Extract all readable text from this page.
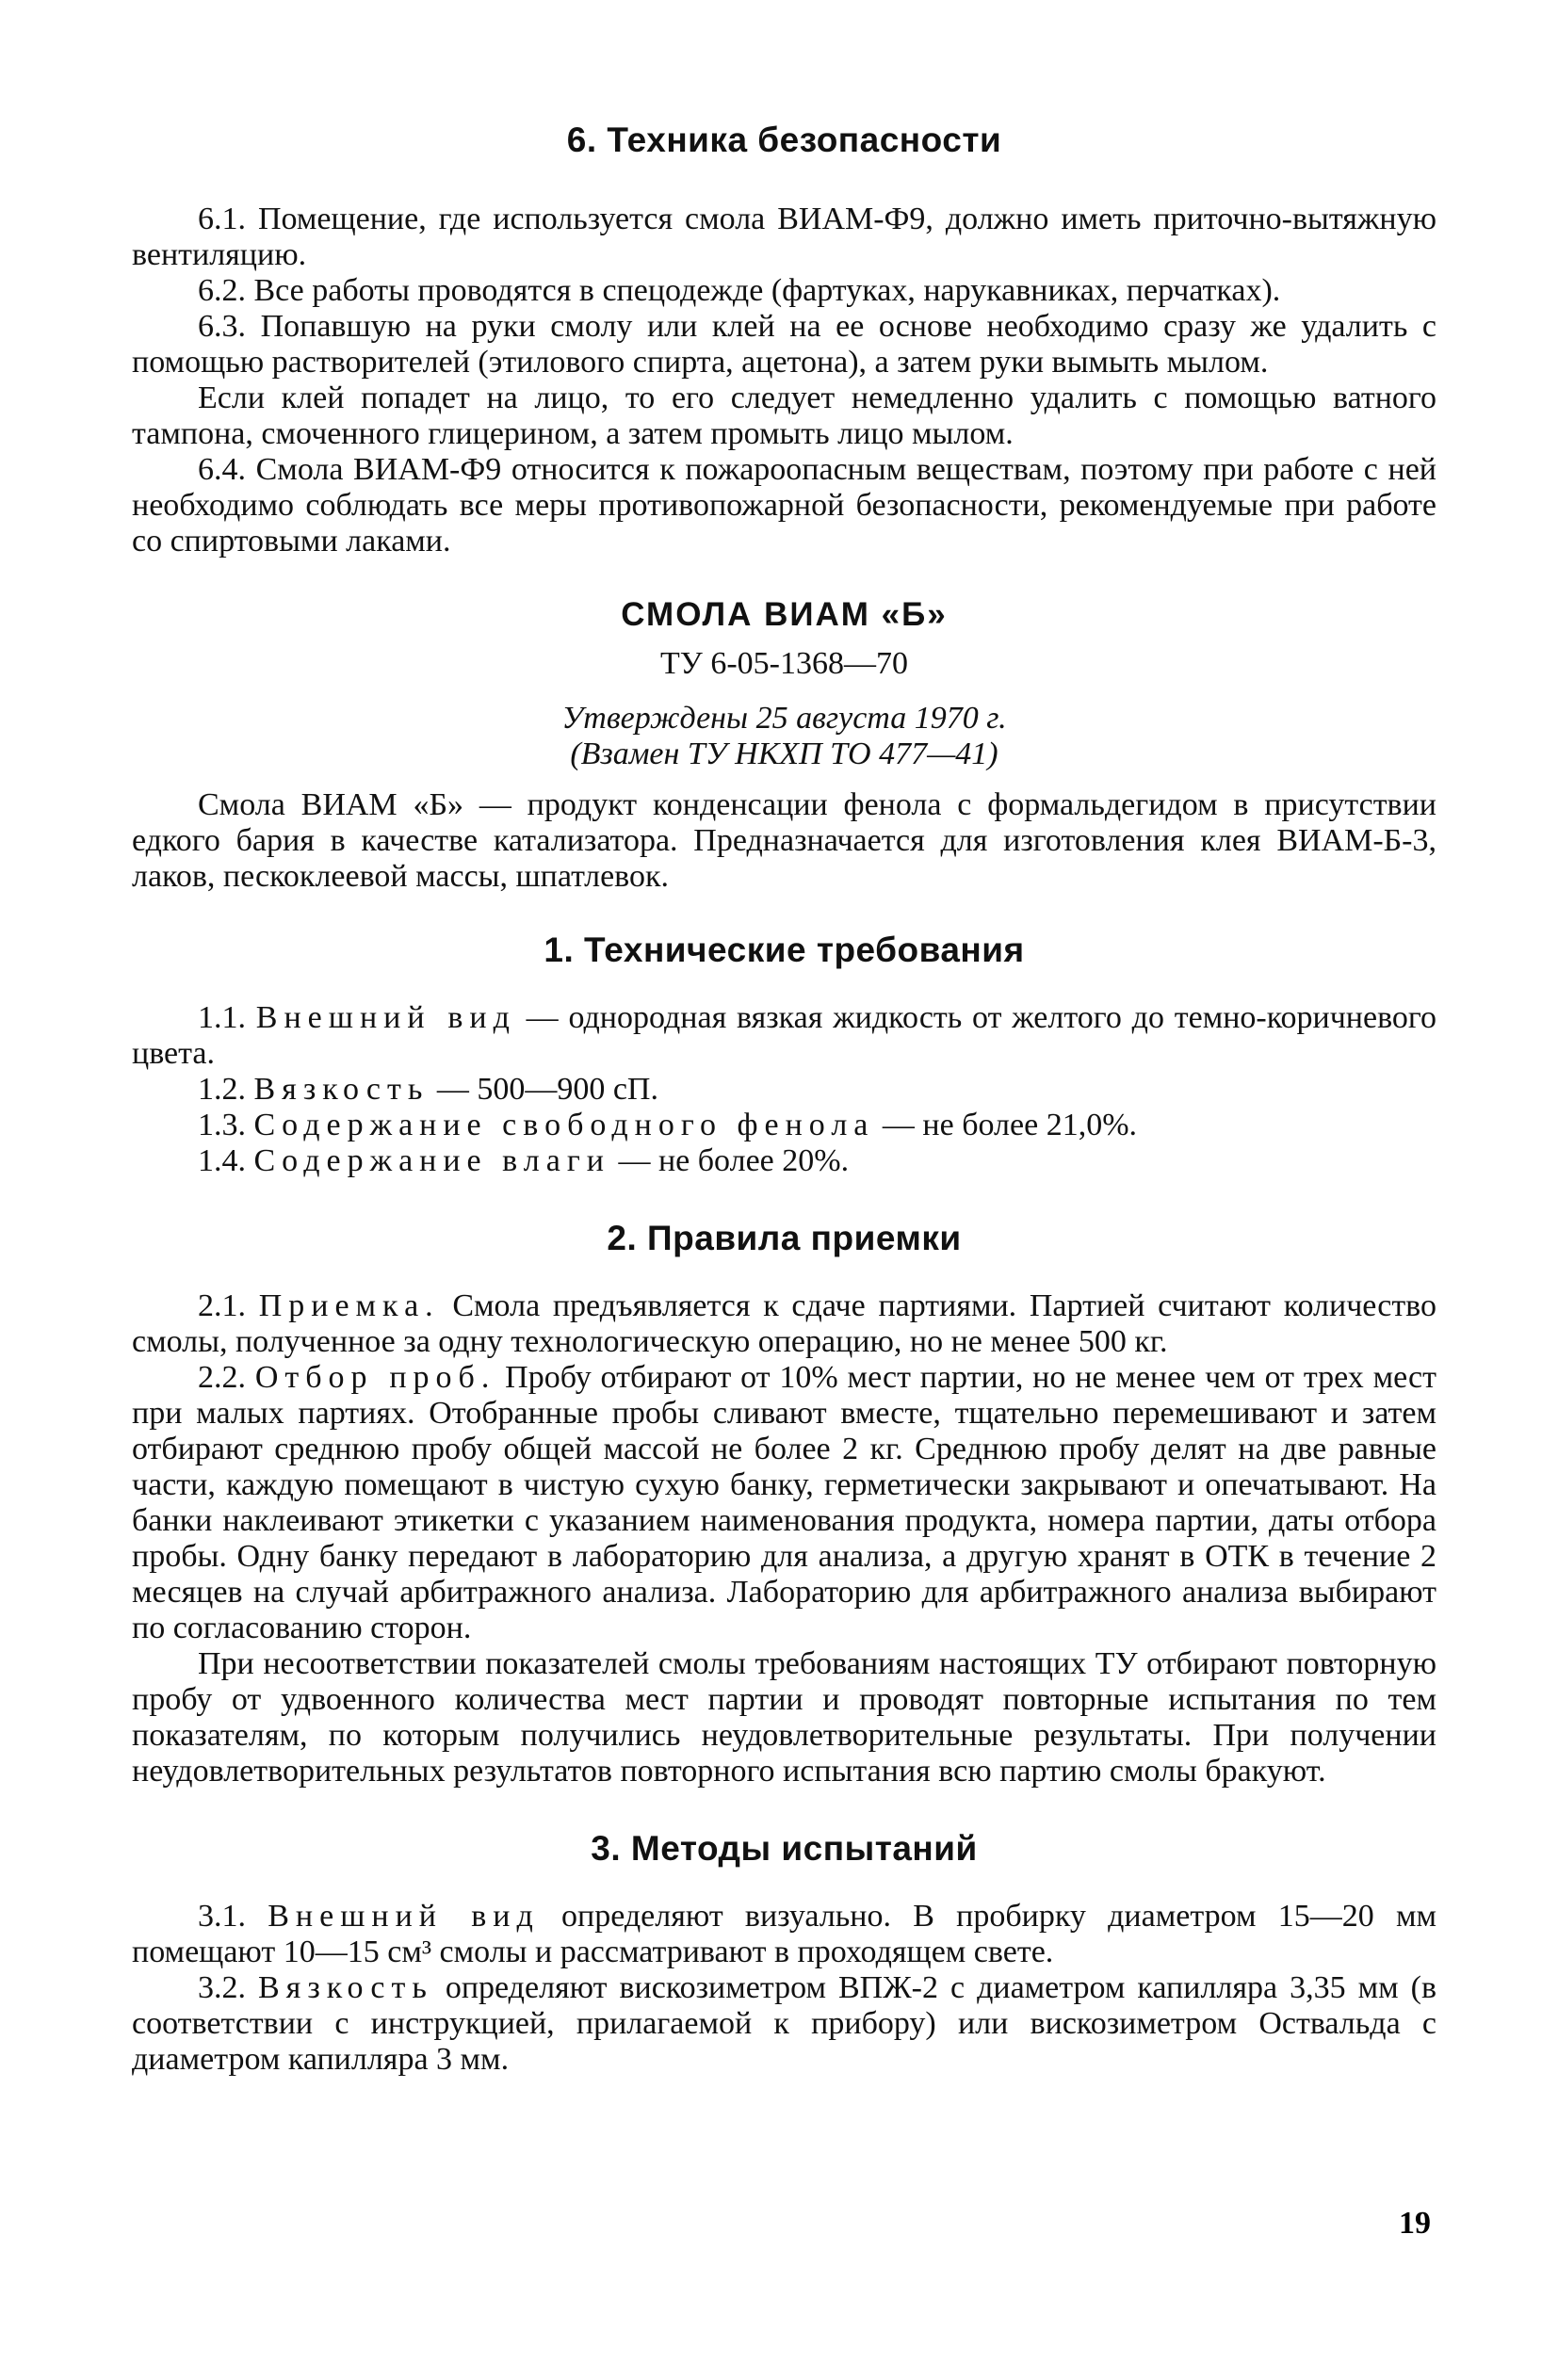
6. Техника безопасности

6.1. Помещение, где используется смола ВИАМ-Ф9, должно иметь приточно-вытяжную вентиляцию.

6.2. Все работы проводятся в спецодежде (фартуках, нарукавниках, перчатках).

6.3. Попавшую на руки смолу или клей на ее основе необходимо сразу же удалить с помощью растворителей (этилового спирта, ацетона), а затем руки вымыть мылом.

Если клей попадет на лицо, то его следует немедленно удалить с помощью ватного тампона, смоченного глицерином, а затем промыть лицо мылом.

6.4. Смола ВИАМ-Ф9 относится к пожароопасным веществам, поэтому при работе с ней необходимо соблюдать все меры противопожарной безопасности, рекомендуемые при работе со спиртовыми лаками.

СМОЛА ВИАМ «Б»

ТУ 6-05-1368—70

Утверждены 25 августа 1970 г.

(Взамен ТУ НКХП ТО 477—41)

Смола ВИАМ «Б» — продукт конденсации фенола с формальдегидом в присутствии едкого бария в качестве катализатора. Предназначается для изготовления клея ВИАМ-Б-3, лаков, пескоклеевой массы, шпатлевок.

1. Технические требования

1.1. Внешний вид — однородная вязкая жидкость от желтого до темно-коричневого цвета.

1.2. Вязкость — 500—900 сП.

1.3. Содержание свободного фенола — не более 21,0%.

1.4. Содержание влаги — не более 20%.

2. Правила приемки

2.1. Приемка. Смола предъявляется к сдаче партиями. Партией считают количество смолы, полученное за одну технологическую операцию, но не менее 500 кг.

2.2. Отбор проб. Пробу отбирают от 10% мест партии, но не менее чем от трех мест при малых партиях. Отобранные пробы сливают вместе, тщательно перемешивают и затем отбирают среднюю пробу общей массой не более 2 кг. Среднюю пробу делят на две равные части, каждую помещают в чистую сухую банку, герметически закрывают и опечатывают. На банки наклеивают этикетки с указанием наименования продукта, номера партии, даты отбора пробы. Одну банку передают в лабораторию для анализа, а другую хранят в ОТК в течение 2 месяцев на случай арбитражного анализа. Лабораторию для арбитражного анализа выбирают по согласованию сторон.

При несоответствии показателей смолы требованиям настоящих ТУ отбирают повторную пробу от удвоенного количества мест партии и проводят повторные испытания по тем показателям, по которым получились неудовлетворительные результаты. При получении неудовлетворительных результатов повторного испытания всю партию смолы бракуют.

3. Методы испытаний

3.1. Внешний вид определяют визуально. В пробирку диаметром 15—20 мм помещают 10—15 см³ смолы и рассматривают в проходящем свете.

3.2. Вязкость определяют вискозиметром ВПЖ-2 с диаметром капилляра 3,35 мм (в соответствии с инструкцией, прилагаемой к прибору) или вискозиметром Оствальда с диаметром капилляра 3 мм.

19
